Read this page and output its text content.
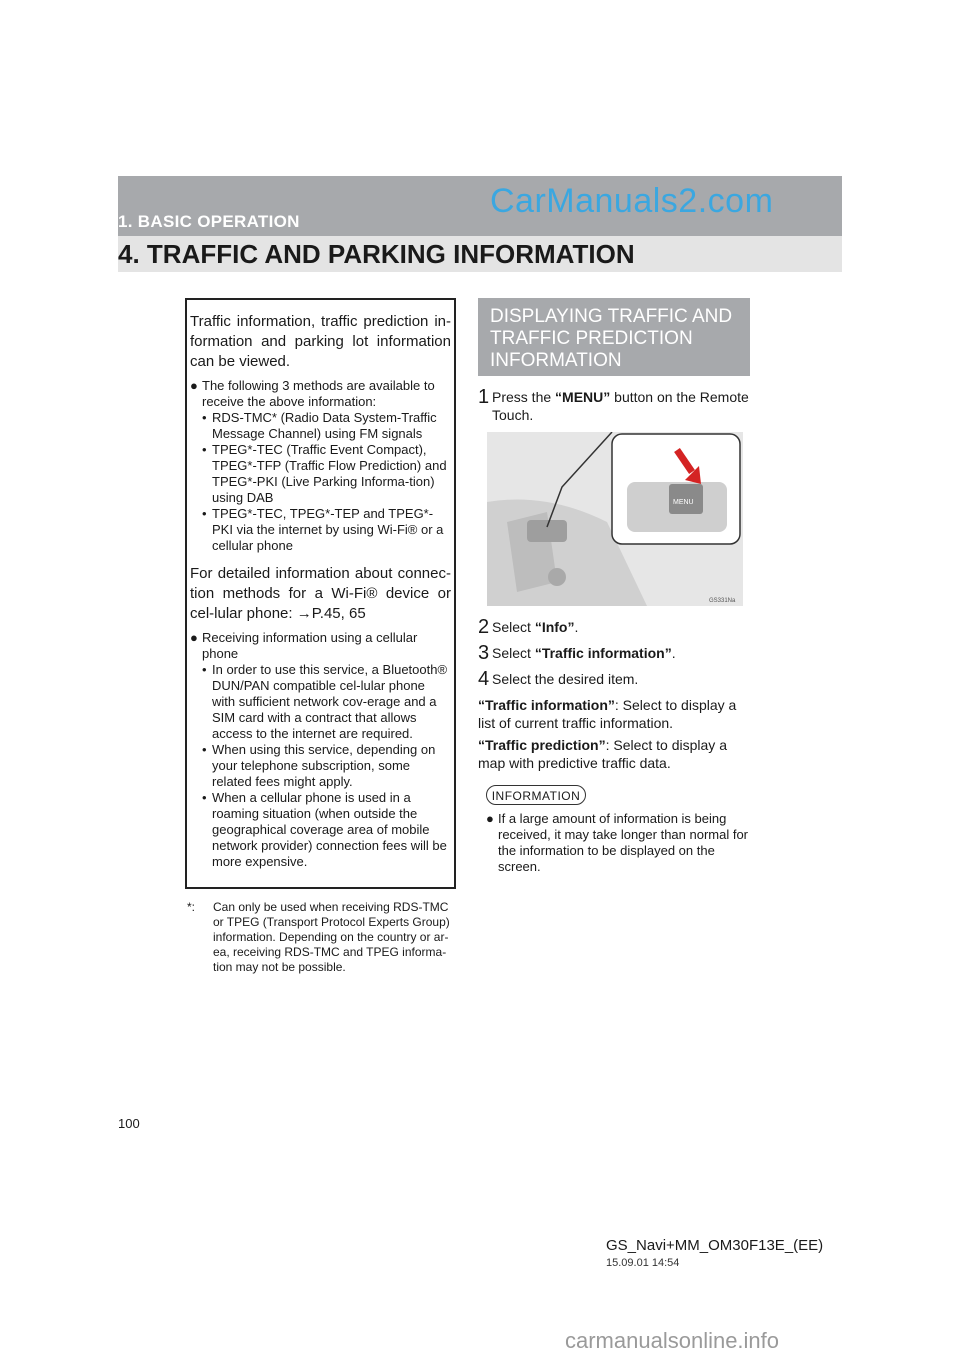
1. BASIC OPERATION
CarManuals2.com
4. TRAFFIC AND PARKING INFORMATION
Traffic information, traffic prediction in-formation and parking lot information can be viewed.
● The following 3 methods are available to receive the above information:
• RDS-TMC* (Radio Data System-Traffic Message Channel) using FM signals
• TPEG*-TEC (Traffic Event Compact), TPEG*-TFP (Traffic Flow Prediction) and TPEG*-PKI (Live Parking Informa-tion) using DAB
• TPEG*-TEC, TPEG*-TEP and TPEG*-PKI via the internet by using Wi-Fi® or a cellular phone
For detailed information about connec-tion methods for a Wi-Fi® device or cel-lular phone: →P.45, 65
● Receiving information using a cellular phone
• In order to use this service, a Bluetooth® DUN/PAN compatible cel-lular phone with sufficient network cov-erage and a SIM card with a contract that allows access to the internet are required.
• When using this service, depending on your telephone subscription, some related fees might apply.
• When a cellular phone is used in a roaming situation (when outside the geographical coverage area of mobile network provider) connection fees will be more expensive.
*:	Can only be used when receiving RDS-TMC or TPEG (Transport Protocol Experts Group) information. Depending on the country or ar-ea, receiving RDS-TMC and TPEG informa-tion may not be possible.
DISPLAYING TRAFFIC AND TRAFFIC PREDICTION INFORMATION
1 Press the “MENU” button on the Remote Touch.
MENU
GS331Na
2 Select “Info”.
3 Select “Traffic information”.
4 Select the desired item.
“Traffic information”: Select to display a list of current traffic information.
“Traffic prediction”: Select to display a map with predictive traffic data.
INFORMATION
● If a large amount of information is being received, it may take longer than normal for the information to be displayed on the screen.
100
GS_Navi+MM_OM30F13E_(EE)
15.09.01 14:54
carmanualsonline.info
